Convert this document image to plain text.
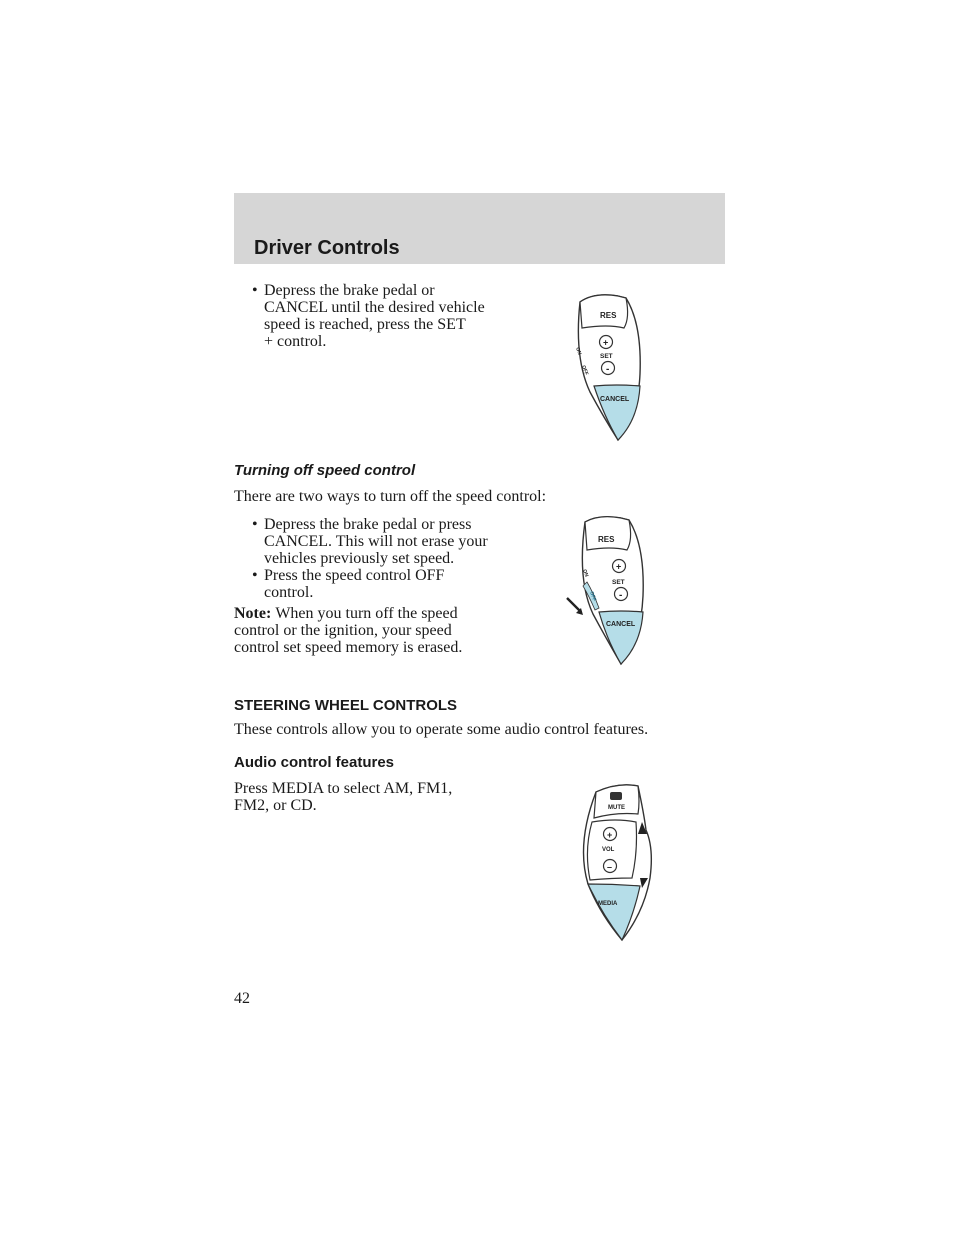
Driver Controls
• Depress the brake pedal or
CANCEL until the desired vehicle
speed is reached, press the SET
+ control.
RES
+
SET
-
ON
OFF
CANCEL
Turning off speed control
There are two ways to turn off the speed control:
• Depress the brake pedal or press
CANCEL. This will not erase your
vehicles previously set speed.
• Press the speed control OFF
control.
Note: When you turn off the speed
control or the ignition, your speed
control set speed memory is erased.
RES
+
SET
-
ON
OFF
CANCEL
STEERING WHEEL CONTROLS
These controls allow you to operate some audio control features.
Audio control features
Press MEDIA to select AM, FM1,
FM2, or CD.	MUTE
+
VOL
–
MEDIA
42
